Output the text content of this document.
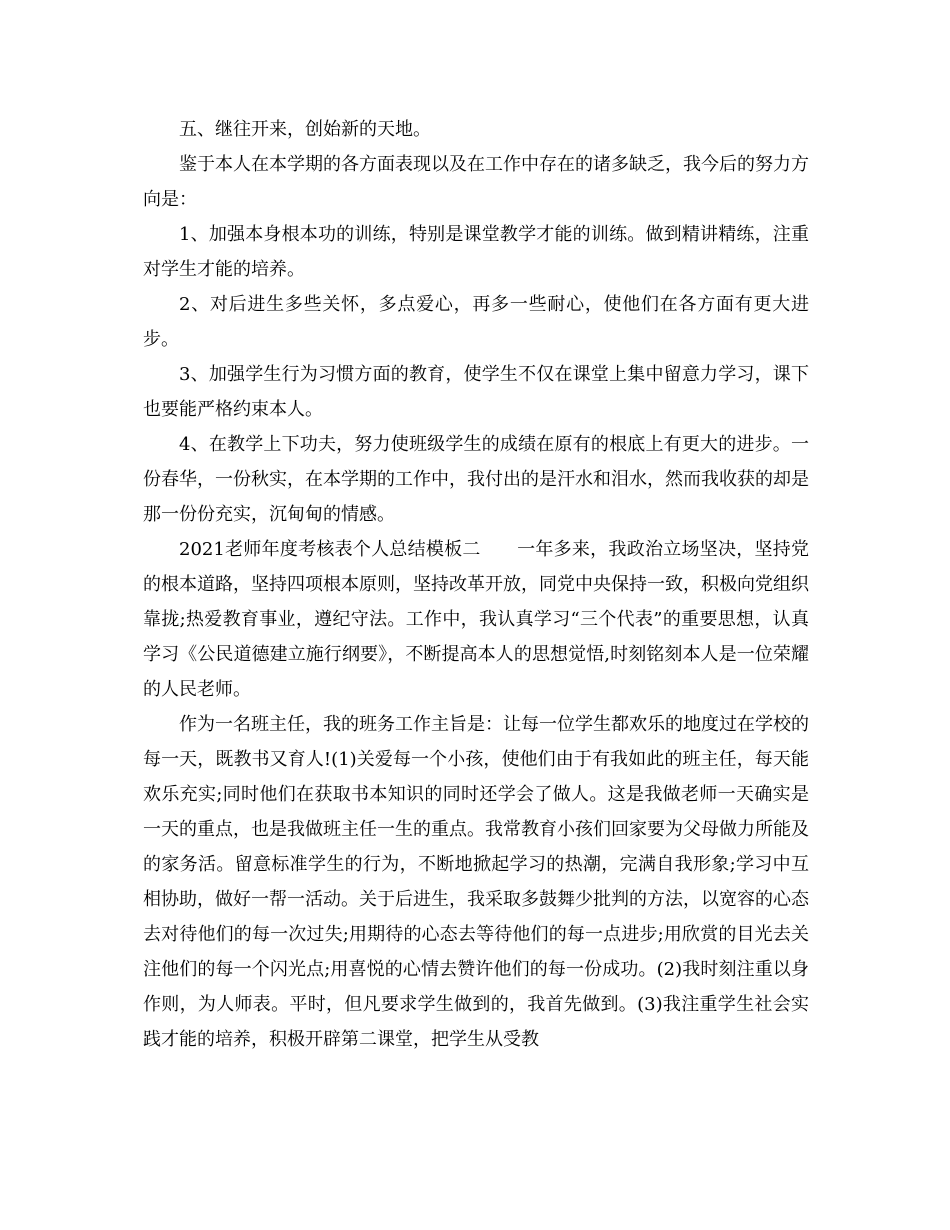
五、继往开来，创始新的天地。

鉴于本人在本学期的各方面表现以及在工作中存在的诸多缺乏，我今后的努力方向是：

1、加强本身根本功的训练，特别是课堂教学才能的训练。做到精讲精练，注重对学生才能的培养。

2、对后进生多些关怀，多点爱心，再多一些耐心，使他们在各方面有更大进步。

3、加强学生行为习惯方面的教育，使学生不仅在课堂上集中留意力学习，课下也要能严格约束本人。

4、在教学上下功夫，努力使班级学生的成绩在原有的根底上有更大的进步。一份春华，一份秋实，在本学期的工作中，我付出的是汗水和泪水，然而我收获的却是那一份份充实，沉甸甸的情感。

2021老师年度考核表个人总结模板二　　一年多来，我政治立场坚决，坚持党的根本道路，坚持四项根本原则，坚持改革开放，同党中央保持一致，积极向党组织靠拢;热爱教育事业，遵纪守法。工作中，我认真学习“三个代表”的重要思想，认真学习《公民道德建立施行纲要》，不断提高本人的思想觉悟,时刻铭刻本人是一位荣耀的人民老师。

作为一名班主任，我的班务工作主旨是：让每一位学生都欢乐的地度过在学校的每一天，既教书又育人!(1)关爱每一个小孩，使他们由于有我如此的班主任，每天能欢乐充实;同时他们在获取书本知识的同时还学会了做人。这是我做老师一天确实是一天的重点，也是我做班主任一生的重点。我常教育小孩们回家要为父母做力所能及的家务活。留意标准学生的行为，不断地掀起学习的热潮，完满自我形象;学习中互相协助，做好一帮一活动。关于后进生，我采取多鼓舞少批判的方法，以宽容的心态去对待他们的每一次过失;用期待的心态去等待他们的每一点进步;用欣赏的目光去关注他们的每一个闪光点;用喜悦的心情去赞许他们的每一份成功。(2)我时刻注重以身作则，为人师表。平时，但凡要求学生做到的，我首先做到。(3)我注重学生社会实践才能的培养，积极开辟第二课堂，把学生从受教
